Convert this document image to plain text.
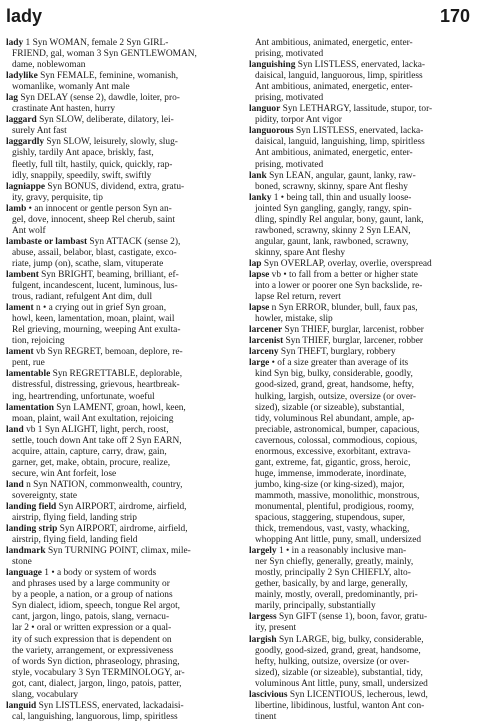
lady	170
lady 1 Syn WOMAN, female 2 Syn GIRL-
FRIEND, gal, woman 3 Syn GENTLEWOMAN,
dame, noblewoman
ladylike Syn FEMALE, feminine, womanish,
womanlike, womanly Ant male
lag Syn DELAY (sense 2), dawdle, loiter, pro-
crastinate Ant hasten, hurry
laggard Syn SLOW, deliberate, dilatory, lei-
surely Ant fast
laggardly Syn SLOW, leisurely, slowly, slug-
gishly, tardily Ant apace, briskly, fast,
fleetly, full tilt, hastily, quick, quickly, rap-
idly, snappily, speedily, swift, swiftly
lagniappe Syn BONUS, dividend, extra, gratu-
ity, gravy, perquisite, tip
lamb • an innocent or gentle person Syn an-
gel, dove, innocent, sheep Rel cherub, saint
Ant wolf
lambaste or lambast Syn ATTACK (sense 2),
abuse, assail, belabor, blast, castigate, exco-
riate, jump (on), scathe, slam, vituperate
lambent Syn BRIGHT, beaming, brilliant, ef-
fulgent, incandescent, lucent, luminous, lus-
trous, radiant, refulgent Ant dim, dull
lament n • a crying out in grief Syn groan,
howl, keen, lamentation, moan, plaint, wail
Rel grieving, mourning, weeping Ant exulta-
tion, rejoicing
lament vb Syn REGRET, bemoan, deplore, re-
pent, rue
lamentable Syn REGRETTABLE, deplorable,
distressful, distressing, grievous, heartbreak-
ing, heartrending, unfortunate, woeful
lamentation Syn LAMENT, groan, howl, keen,
moan, plaint, wail Ant exultation, rejoicing
land vb 1 Syn ALIGHT, light, perch, roost,
settle, touch down Ant take off 2 Syn EARN,
acquire, attain, capture, carry, draw, gain,
garner, get, make, obtain, procure, realize,
secure, win Ant forfeit, lose
land n Syn NATION, commonwealth, country,
sovereignty, state
landing field Syn AIRPORT, airdrome, airfield,
airstrip, flying field, landing strip
landing strip Syn AIRPORT, airdrome, airfield,
airstrip, flying field, landing field
landmark Syn TURNING POINT, climax, mile-
stone
language 1 • a body or system of words
and phrases used by a large community or
by a people, a nation, or a group of nations
Syn dialect, idiom, speech, tongue Rel argot,
cant, jargon, lingo, patois, slang, vernacu-
lar 2 • oral or written expression or a qual-
ity of such expression that is dependent on
the variety, arrangement, or expressiveness
of words Syn diction, phraseology, phrasing,
style, vocabulary 3 Syn TERMINOLOGY, ar-
got, cant, dialect, jargon, lingo, patois, patter,
slang, vocabulary
languid Syn LISTLESS, enervated, lackadaisi-
cal, languishing, languorous, limp, spiritless
Ant ambitious, animated, energetic, enter-
prising, motivated
languishing Syn LISTLESS, enervated, lacka-
daisical, languid, languorous, limp, spiritless
Ant ambitious, animated, energetic, enter-
prising, motivated
languor Syn LETHARGY, lassitude, stupor, tor-
pidity, torpor Ant vigor
languorous Syn LISTLESS, enervated, lacka-
daisical, languid, languishing, limp, spiritless
Ant ambitious, animated, energetic, enter-
prising, motivated
lank Syn LEAN, angular, gaunt, lanky, raw-
boned, scrawny, skinny, spare Ant fleshy
lanky 1 • being tall, thin and usually loose-
jointed Syn gangling, gangly, rangy, spin-
dling, spindly Rel angular, bony, gaunt, lank,
rawboned, scrawny, skinny 2 Syn LEAN,
angular, gaunt, lank, rawboned, scrawny,
skinny, spare Ant fleshy
lap Syn OVERLAP, overlay, overlie, overspread
lapse vb • to fall from a better or higher state
into a lower or poorer one Syn backslide, re-
lapse Rel return, revert
lapse n Syn ERROR, blunder, bull, faux pas,
howler, mistake, slip
larcener Syn THIEF, burglar, larcenist, robber
larcenist Syn THIEF, burglar, larcener, robber
larceny Syn THEFT, burglary, robbery
large • of a size greater than average of its
kind Syn big, bulky, considerable, goodly,
good-sized, grand, great, handsome, hefty,
hulking, largish, outsize, oversize (or over-
sized), sizable (or sizeable), substantial,
tidy, voluminous Rel abundant, ample, ap-
preciable, astronomical, bumper, capacious,
cavernous, colossal, commodious, copious,
enormous, excessive, exorbitant, extrava-
gant, extreme, fat, gigantic, gross, heroic,
huge, immense, immoderate, inordinate,
jumbo, king-size (or king-sized), major,
mammoth, massive, monolithic, monstrous,
monumental, plentiful, prodigious, roomy,
spacious, staggering, stupendous, super,
thick, tremendous, vast, vasty, whacking,
whopping Ant little, puny, small, undersized
largely 1 • in a reasonably inclusive man-
ner Syn chiefly, generally, greatly, mainly,
mostly, principally 2 Syn CHIEFLY, alto-
gether, basically, by and large, generally,
mainly, mostly, overall, predominantly, pri-
marily, principally, substantially
largess Syn GIFT (sense 1), boon, favor, gratu-
ity, present
largish Syn LARGE, big, bulky, considerable,
goodly, good-sized, grand, great, handsome,
hefty, hulking, outsize, oversize (or over-
sized), sizable (or sizeable), substantial, tidy,
voluminous Ant little, puny, small, undersized
lascivious Syn LICENTIOUS, lecherous, lewd,
libertine, libidinous, lustful, wanton Ant con-
tinent
